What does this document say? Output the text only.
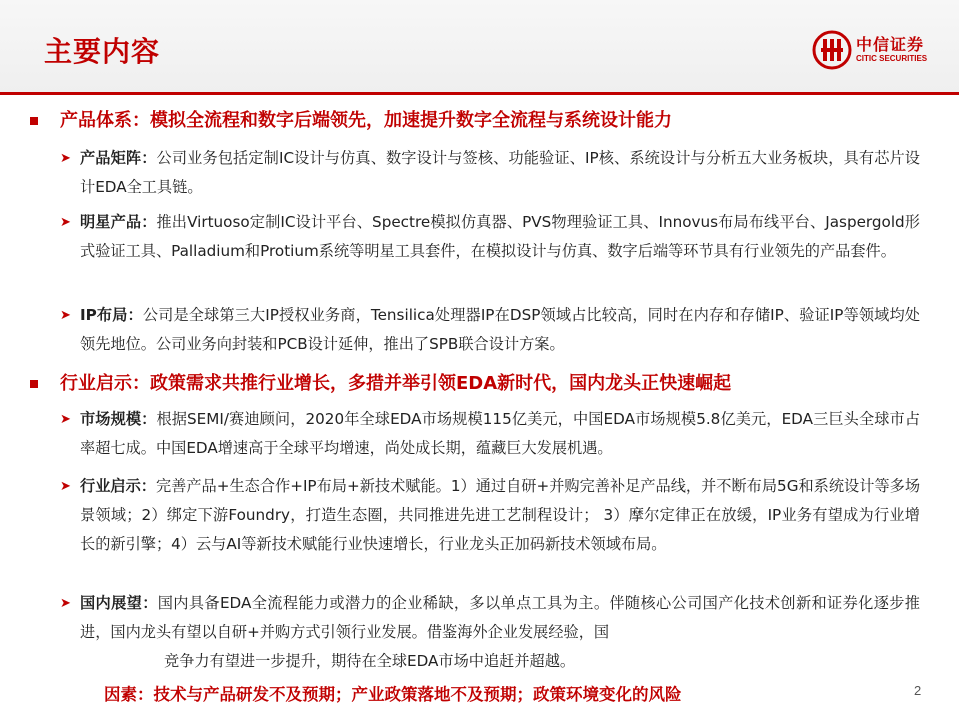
主要内容	中信证券
CITIC SECURITIES
产品体系：模拟全流程和数字后端领先，加速提升数字全流程与系统设计能力
➤ 产品矩阵：公司业务包括定制IC设计与仿真、数字设计与签核、功能验证、IP核、系统设计与分析五大业务板块，具有芯片设计EDA全工具链。
➤ 明星产品：推出Virtuoso定制IC设计平台、Spectre模拟仿真器、PVS物理验证工具、Innovus布局布线平台、Jaspergold形式验证工具、Palladium和Protium系统等明星工具套件，在模拟设计与仿真、数字后端等环节具有行业领先的产品套件。
➤ IP布局：公司是全球第三大IP授权业务商，Tensilica处理器IP在DSP领域占比较高，同时在内存和存储IP、验证IP等领域均处领先地位。公司业务向封装和PCB设计延伸，推出了SPB联合设计方案。
行业启示：政策需求共推行业增长，多措并举引领EDA新时代，国内龙头正快速崛起
➤ 市场规模：根据SEMI/赛迪顾问，2020年全球EDA市场规模115亿美元，中国EDA市场规模5.8亿美元，EDA三巨头全球市占率超七成。中国EDA增速高于全球平均增速，尚处成长期，蕴藏巨大发展机遇。
➤ 行业启示：完善产品+生态合作+IP布局+新技术赋能。1）通过自研+并购完善补足产品线，并不断布局5G和系统设计等多场景领域；2）绑定下游Foundry，打造生态圈，共同推进先进工艺制程设计； 3）摩尔定律正在放缓，IP业务有望成为行业增长的新引擎；4）云与AI等新技术赋能行业快速增长，行业龙头正加码新技术领域布局。
➤ 国内展望：国内具备EDA全流程能力或潜力的企业稀缺，多以单点工具为主。伴随核心公司国产化技术创新和证券化逐步推进，国内龙头有望以自研+并购方式引领行业发展。借鉴海外企业发展经验，国
竞争力有望进一步提升，期待在全球EDA市场中追赶并超越。
因素：技术与产品研发不及预期；产业政策落地不及预期；政策环境变化的风险	2
